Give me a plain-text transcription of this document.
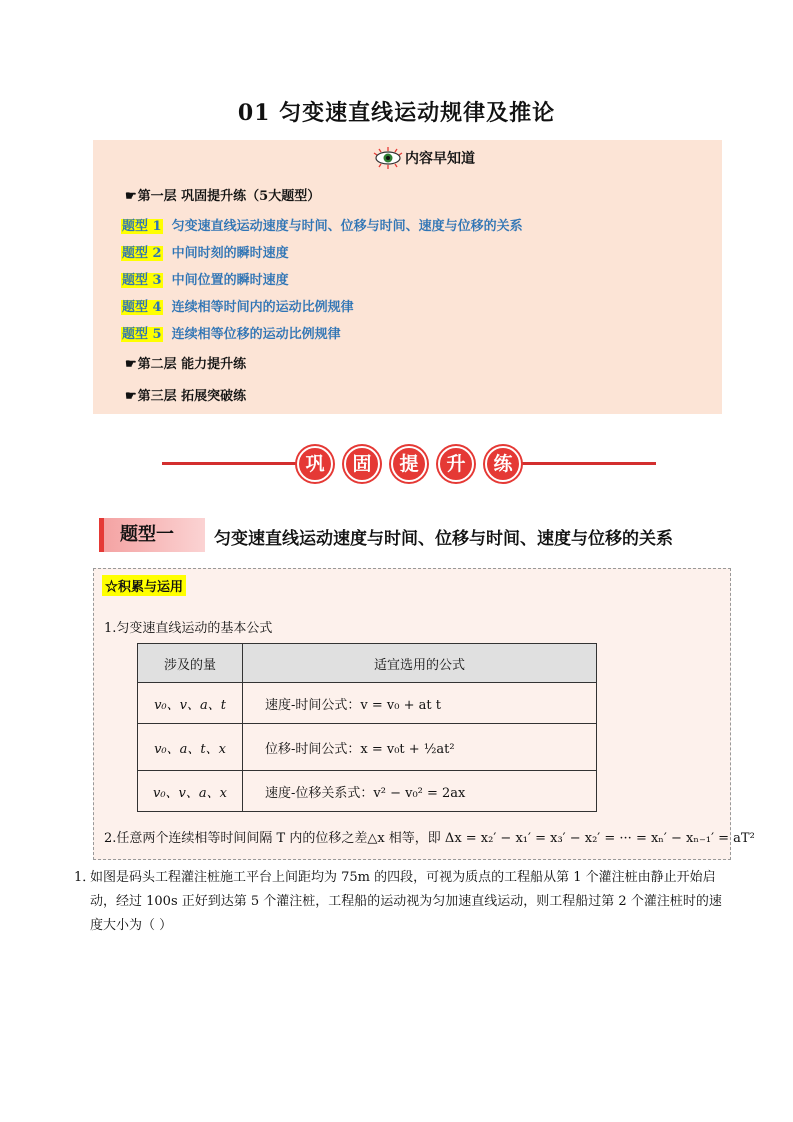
01 匀变速直线运动规律及推论
内容早知道
☛第一层 巩固提升练（5大题型）
题型 1 匀变速直线运动速度与时间、位移与时间、速度与位移的关系
题型 2 中间时刻的瞬时速度
题型 3 中间位置的瞬时速度
题型 4 连续相等时间内的运动比例规律
题型 5 连续相等位移的运动比例规律
☛第二层 能力提升练
☛第三层 拓展突破练
巩	固	提	升	练
题型一	匀变速直线运动速度与时间、位移与时间、速度与位移的关系
☆积累与运用
1.匀变速直线运动的基本公式
涉及的量	适宜选用的公式
v₀、v、a、t	速度-时间公式：v = v₀ + at t
v₀、a、t、x	位移-时间公式：x = v₀t + ½at²
v₀、v、a、x	速度-位移关系式：v² − v₀² = 2ax
2.任意两个连续相等时间间隔 T 内的位移之差△x 相等，即 Δx = x₂′ − x₁′ = x₃′ − x₂′ = ··· = xₙ′ − xₙ₋₁′ = aT²
1．
如图是码头工程灌注桩施工平台上间距均为 75m 的四段，可视为质点的工程船从第 1 个灌注桩由静止开始启动，经过 100s 正好到达第 5 个灌注桩，工程船的运动视为匀加速直线运动，则工程船过第 2 个灌注桩时的速度大小为（ ）
